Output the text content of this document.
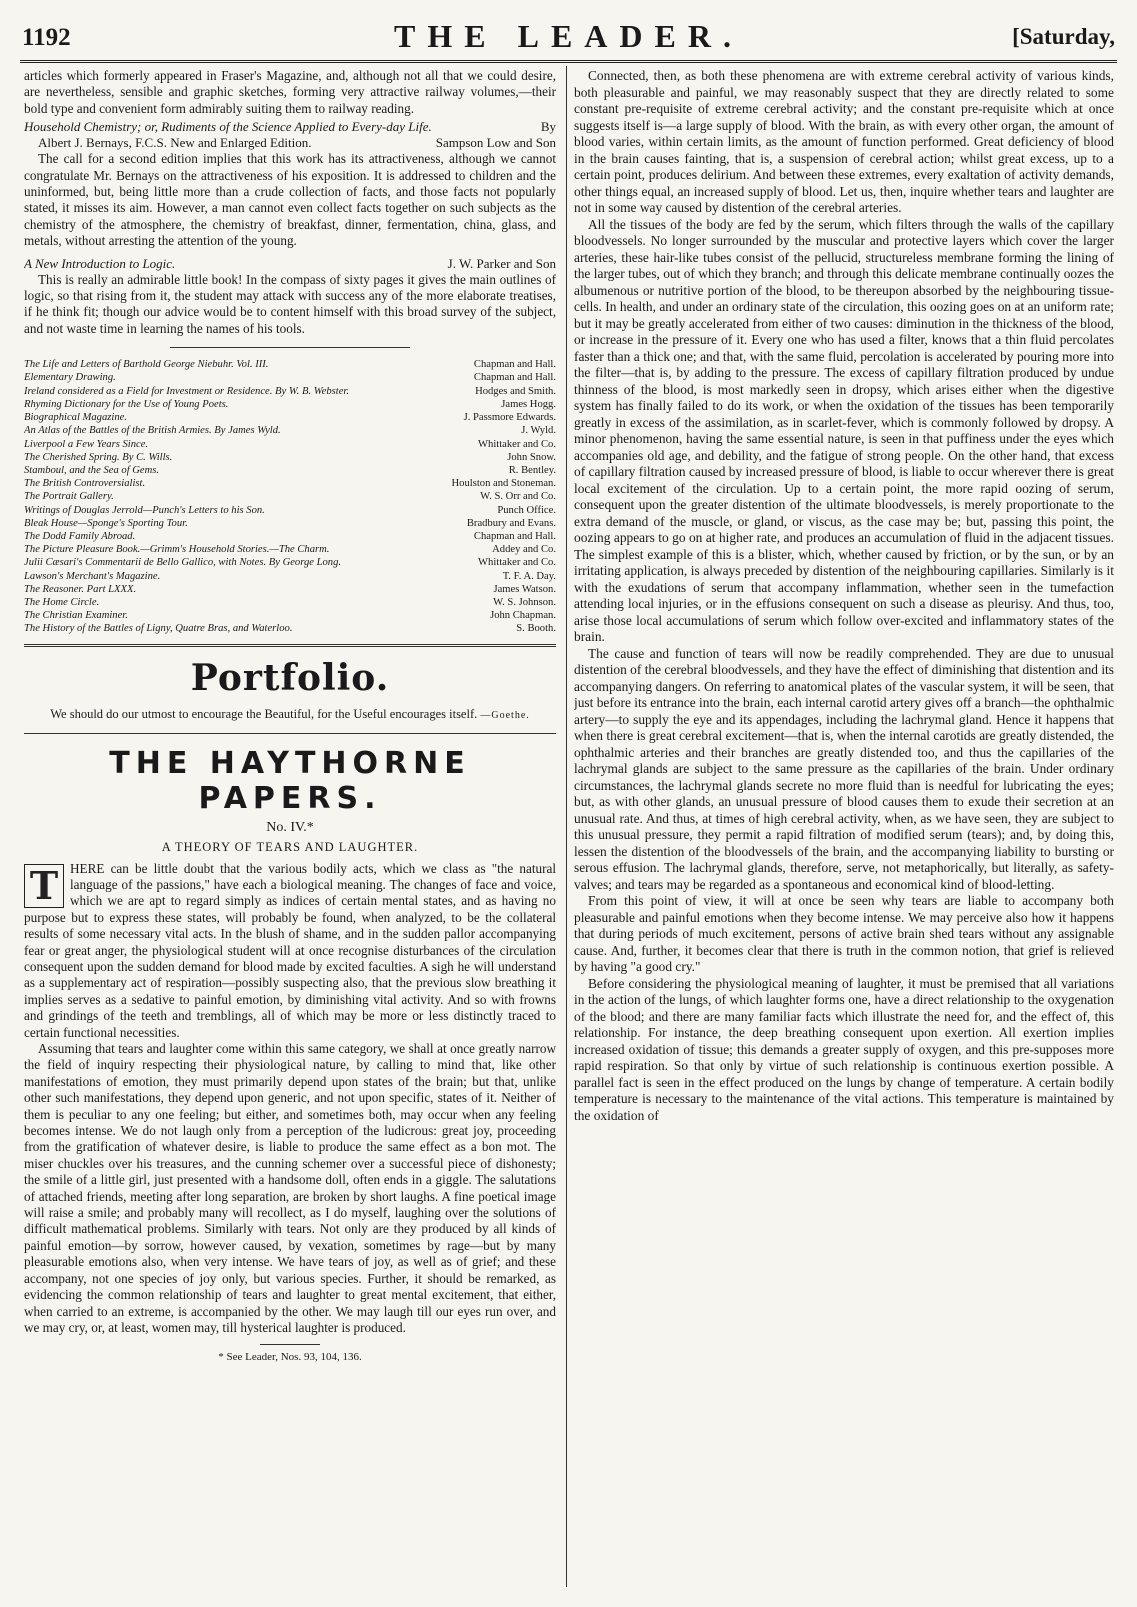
1192	THE LEADER.	[Saturday,

articles which formerly appeared in Fraser's Magazine, and, although not all that we could desire, are nevertheless, sensible and graphic sketches, forming very attractive railway volumes,—their bold type and convenient form admirably suiting them to railway reading.

Household Chemistry; or, Rudiments of the Science Applied to Every-day Life.	By
Albert J. Bernays, F.C.S. New and Enlarged Edition.	Sampson Low and Son

The call for a second edition implies that this work has its attractiveness, although we cannot congratulate Mr. Bernays on the attractiveness of his exposition. It is addressed to children and the uninformed, but, being little more than a crude collection of facts, and those facts not popularly stated, it misses its aim. However, a man cannot even collect facts together on such subjects as the chemistry of the atmosphere, the chemistry of breakfast, dinner, fermentation, china, glass, and metals, without arresting the attention of the young.

A New Introduction to Logic.	J. W. Parker and Son

This is really an admirable little book! In the compass of sixty pages it gives the main outlines of logic, so that rising from it, the student may attack with success any of the more elaborate treatises, if he think fit; though our advice would be to content himself with this broad survey of the subject, and not waste time in learning the names of his tools.

The Life and Letters of Barthold George Niebuhr. Vol. III.	Chapman and Hall.
Elementary Drawing.	Chapman and Hall.
Ireland considered as a Field for Investment or Residence. By W. B. Webster.	Hodges and Smith.
Rhyming Dictionary for the Use of Young Poets.	James Hogg.
Biographical Magazine.	J. Passmore Edwards.
An Atlas of the Battles of the British Armies. By James Wyld.	J. Wyld.
Liverpool a Few Years Since.	Whittaker and Co.
The Cherished Spring. By C. Wills.	John Snow.
Stamboul, and the Sea of Gems.	R. Bentley.
The British Controversialist.	Houlston and Stoneman.
The Portrait Gallery.	W. S. Orr and Co.
Writings of Douglas Jerrold—Punch's Letters to his Son.	Punch Office.
Bleak House—Sponge's Sporting Tour.	Bradbury and Evans.
The Dodd Family Abroad.	Chapman and Hall.
The Picture Pleasure Book.—Grimm's Household Stories.—The Charm.	Addey and Co.
Julii Cæsari's Commentarii de Bello Gallico, with Notes. By George Long.	Whittaker and Co.
Lawson's Merchant's Magazine.	T. F. A. Day.
The Reasoner. Part LXXX.	James Watson.
The Home Circle.	W. S. Johnson.
The Christian Examiner.	John Chapman.
The History of the Battles of Ligny, Quatre Bras, and Waterloo.	S. Booth.
Portfolio.
We should do our utmost to encourage the Beautiful, for the Useful encourages itself. —Goethe.
THE HAYTHORNE PAPERS.
No. IV.*
A THEORY OF TEARS AND LAUGHTER.

T HERE can be little doubt that the various bodily acts, which we class as "the natural language of the passions," have each a biological meaning. The changes of face and voice, which we are apt to regard simply as indices of certain mental states, and as having no purpose but to express these states, will probably be found, when analyzed, to be the collateral results of some necessary vital acts. In the blush of shame, and in the sudden pallor accompanying fear or great anger, the physiological student will at once recognise disturbances of the circulation consequent upon the sudden demand for blood made by excited faculties. A sigh he will understand as a supplementary act of respiration—possibly suspecting also, that the previous slow breathing it implies serves as a sedative to painful emotion, by diminishing vital activity. And so with frowns and grindings of the teeth and tremblings, all of which may be more or less distinctly traced to certain functional necessities.

Assuming that tears and laughter come within this same category, we shall at once greatly narrow the field of inquiry respecting their physiological nature, by calling to mind that, like other manifestations of emotion, they must primarily depend upon states of the brain; but that, unlike other such manifestations, they depend upon generic, and not upon specific, states of it. Neither of them is peculiar to any one feeling; but either, and sometimes both, may occur when any feeling becomes intense. We do not laugh only from a perception of the ludicrous: great joy, proceeding from the gratification of whatever desire, is liable to produce the same effect as a bon mot. The miser chuckles over his treasures, and the cunning schemer over a successful piece of dishonesty; the smile of a little girl, just presented with a handsome doll, often ends in a giggle. The salutations of attached friends, meeting after long separation, are broken by short laughs. A fine poetical image will raise a smile; and probably many will recollect, as I do myself, laughing over the solutions of difficult mathematical problems. Similarly with tears. Not only are they produced by all kinds of painful emotion—by sorrow, however caused, by vexation, sometimes by rage—but by many pleasurable emotions also, when very intense. We have tears of joy, as well as of grief; and these accompany, not one species of joy only, but various species. Further, it should be remarked, as evidencing the common relationship of tears and laughter to great mental excitement, that either, when carried to an extreme, is accompanied by the other. We may laugh till our eyes run over, and we may cry, or, at least, women may, till hysterical laughter is produced.

* See Leader, Nos. 93, 104, 136.

Connected, then, as both these phenomena are with extreme cerebral activity of various kinds, both pleasurable and painful, we may reasonably suspect that they are directly related to some constant pre-requisite of extreme cerebral activity; and the constant pre-requisite which at once suggests itself is—a large supply of blood. With the brain, as with every other organ, the amount of blood varies, within certain limits, as the amount of function performed. Great deficiency of blood in the brain causes fainting, that is, a suspension of cerebral action; whilst great excess, up to a certain point, produces delirium. And between these extremes, every exaltation of activity demands, other things equal, an increased supply of blood. Let us, then, inquire whether tears and laughter are not in some way caused by distention of the cerebral arteries.

All the tissues of the body are fed by the serum, which filters through the walls of the capillary bloodvessels. No longer surrounded by the muscular and protective layers which cover the larger arteries, these hair-like tubes consist of the pellucid, structureless membrane forming the lining of the larger tubes, out of which they branch; and through this delicate membrane continually oozes the albumenous or nutritive portion of the blood, to be thereupon absorbed by the neighbouring tissue-cells. In health, and under an ordinary state of the circulation, this oozing goes on at an uniform rate; but it may be greatly accelerated from either of two causes: diminution in the thickness of the blood, or increase in the pressure of it. Every one who has used a filter, knows that a thin fluid percolates faster than a thick one; and that, with the same fluid, percolation is accelerated by pouring more into the filter—that is, by adding to the pressure. The excess of capillary filtration produced by undue thinness of the blood, is most markedly seen in dropsy, which arises either when the digestive system has finally failed to do its work, or when the oxidation of the tissues has been temporarily greatly in excess of the assimilation, as in scarlet-fever, which is commonly followed by dropsy. A minor phenomenon, having the same essential nature, is seen in that puffiness under the eyes which accompanies old age, and debility, and the fatigue of strong people. On the other hand, that excess of capillary filtration caused by increased pressure of blood, is liable to occur wherever there is great local excitement of the circulation. Up to a certain point, the more rapid oozing of serum, consequent upon the greater distention of the ultimate bloodvessels, is merely proportionate to the extra demand of the muscle, or gland, or viscus, as the case may be; but, passing this point, the oozing appears to go on at higher rate, and produces an accumulation of fluid in the adjacent tissues. The simplest example of this is a blister, which, whether caused by friction, or by the sun, or by an irritating application, is always preceded by distention of the neighbouring capillaries. Similarly is it with the exudations of serum that accompany inflammation, whether seen in the tumefaction attending local injuries, or in the effusions consequent on such a disease as pleurisy. And thus, too, arise those local accumulations of serum which follow over-excited and inflammatory states of the brain.

The cause and function of tears will now be readily comprehended. They are due to unusual distention of the cerebral bloodvessels, and they have the effect of diminishing that distention and its accompanying dangers. On referring to anatomical plates of the vascular system, it will be seen, that just before its entrance into the brain, each internal carotid artery gives off a branch—the ophthalmic artery—to supply the eye and its appendages, including the lachrymal gland. Hence it happens that when there is great cerebral excitement—that is, when the internal carotids are greatly distended, the ophthalmic arteries and their branches are greatly distended too, and thus the capillaries of the lachrymal glands are subject to the same pressure as the capillaries of the brain. Under ordinary circumstances, the lachrymal glands secrete no more fluid than is needful for lubricating the eyes; but, as with other glands, an unusual pressure of blood causes them to exude their secretion at an unusual rate. And thus, at times of high cerebral activity, when, as we have seen, they are subject to this unusual pressure, they permit a rapid filtration of modified serum (tears); and, by doing this, lessen the distention of the bloodvessels of the brain, and the accompanying liability to bursting or serous effusion. The lachrymal glands, therefore, serve, not metaphorically, but literally, as safety-valves; and tears may be regarded as a spontaneous and economical kind of blood-letting.

From this point of view, it will at once be seen why tears are liable to accompany both pleasurable and painful emotions when they become intense. We may perceive also how it happens that during periods of much excitement, persons of active brain shed tears without any assignable cause. And, further, it becomes clear that there is truth in the common notion, that grief is relieved by having "a good cry."

Before considering the physiological meaning of laughter, it must be premised that all variations in the action of the lungs, of which laughter forms one, have a direct relationship to the oxygenation of the blood; and there are many familiar facts which illustrate the need for, and the effect of, this relationship. For instance, the deep breathing consequent upon exertion. All exertion implies increased oxidation of tissue; this demands a greater supply of oxygen, and this pre-supposes more rapid respiration. So that only by virtue of such relationship is continuous exertion possible. A parallel fact is seen in the effect produced on the lungs by change of temperature. A certain bodily temperature is necessary to the maintenance of the vital actions. This temperature is maintained by the oxidation of
